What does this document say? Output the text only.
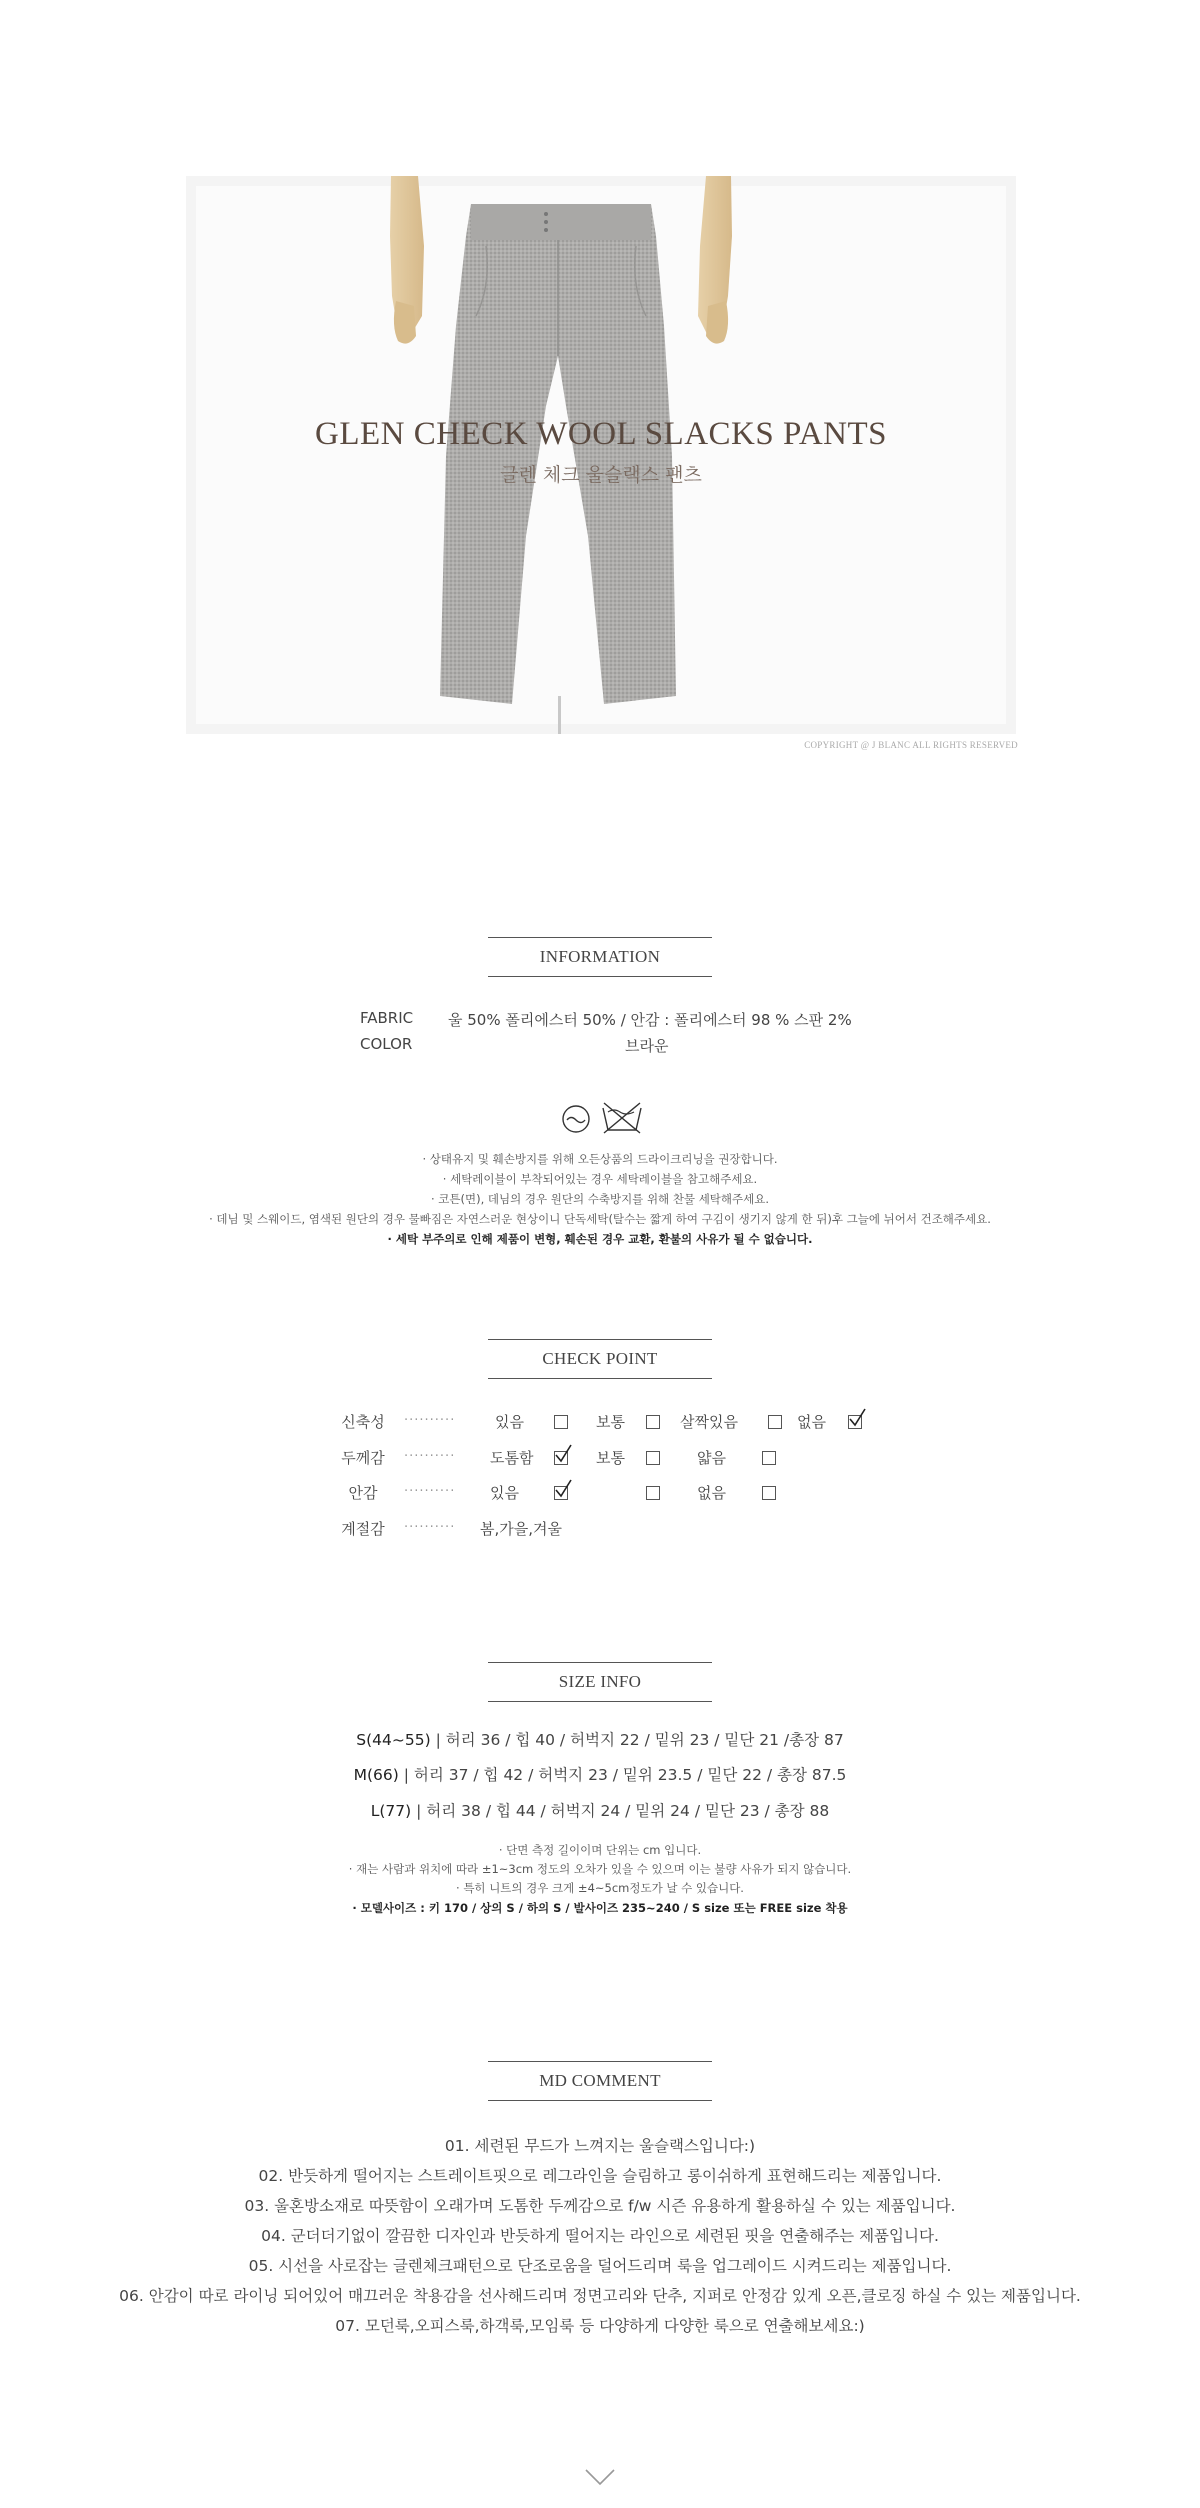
GLEN CHECK WOOL SLACKS PANTS
글렌 체크 울슬랙스 팬츠
COPYRIGHT @ J BLANC ALL RIGHTS RESERVED
INFORMATION
FABRIC 울 50% 폴리에스터 50% / 안감 : 폴리에스터 98 % 스판 2%
COLOR	브라운
· 상태유지 및 훼손방지를 위해 오든상품의 드라이크리닝을 권장합니다.
· 세탁레이블이 부착되어있는 경우 세탁레이블을 참고해주세요.
· 코튼(면), 데님의 경우 원단의 수축방지를 위해 찬물 세탁해주세요.
· 데님 및 스웨이드, 염색된 원단의 경우 물빠짐은 자연스러운 현상이니 단독세탁(탈수는 짧게 하여 구김이 생기지 않게 한 뒤)후 그늘에 뉘어서 건조해주세요.
· 세탁 부주의로 인해 제품이 변형, 훼손된 경우 교환, 환불의 사유가 될 수 없습니다.
CHECK POINT
신축성	··········	있음	보통	살짝있음	없음
두께감	·········· 도톰함	보통	얇음
안감	·········· 있음	없음
계절감	·········· 봄,가을,겨울
SIZE INFO
S(44~55) | 허리 36 / 힙 40 / 허벅지 22 / 밑위 23 / 밑단 21 /총장 87
M(66) | 허리 37 / 힙 42 / 허벅지 23 / 밑위 23.5 / 밑단 22 / 총장 87.5
L(77) | 허리 38 / 힙 44 / 허벅지 24 / 밑위 24 / 밑단 23 / 총장 88
· 단면 측정 길이이며 단위는 cm 입니다.
· 재는 사람과 위치에 따라 ±1~3cm 정도의 오차가 있을 수 있으며 이는 불량 사유가 되지 않습니다.
· 특히 니트의 경우 크게 ±4~5cm정도가 날 수 있습니다.
· 모델사이즈 : 키 170 / 상의 S / 하의 S / 발사이즈 235~240 / S size 또는 FREE size 착용
MD COMMENT
01. 세련된 무드가 느껴지는 울슬랙스입니다:)
02. 반듯하게 떨어지는 스트레이트핏으로 레그라인을 슬림하고 롱이쉬하게 표현해드리는 제품입니다.
03. 울혼방소재로 따뜻함이 오래가며 도톰한 두께감으로 f/w 시즌 유용하게 활용하실 수 있는 제품입니다.
04. 군더더기없이 깔끔한 디자인과 반듯하게 떨어지는 라인으로 세련된 핏을 연출해주는 제품입니다.
05. 시선을 사로잡는 글렌체크패턴으로 단조로움을 덜어드리며 룩을 업그레이드 시켜드리는 제품입니다.
06. 안감이 따로 라이닝 되어있어 매끄러운 착용감을 선사해드리며 정면고리와 단추, 지퍼로 안정감 있게 오픈,클로징 하실 수 있는 제품입니다.
07. 모던룩,오피스룩,하객룩,모임룩 등 다양하게 다양한 룩으로 연출해보세요:)
